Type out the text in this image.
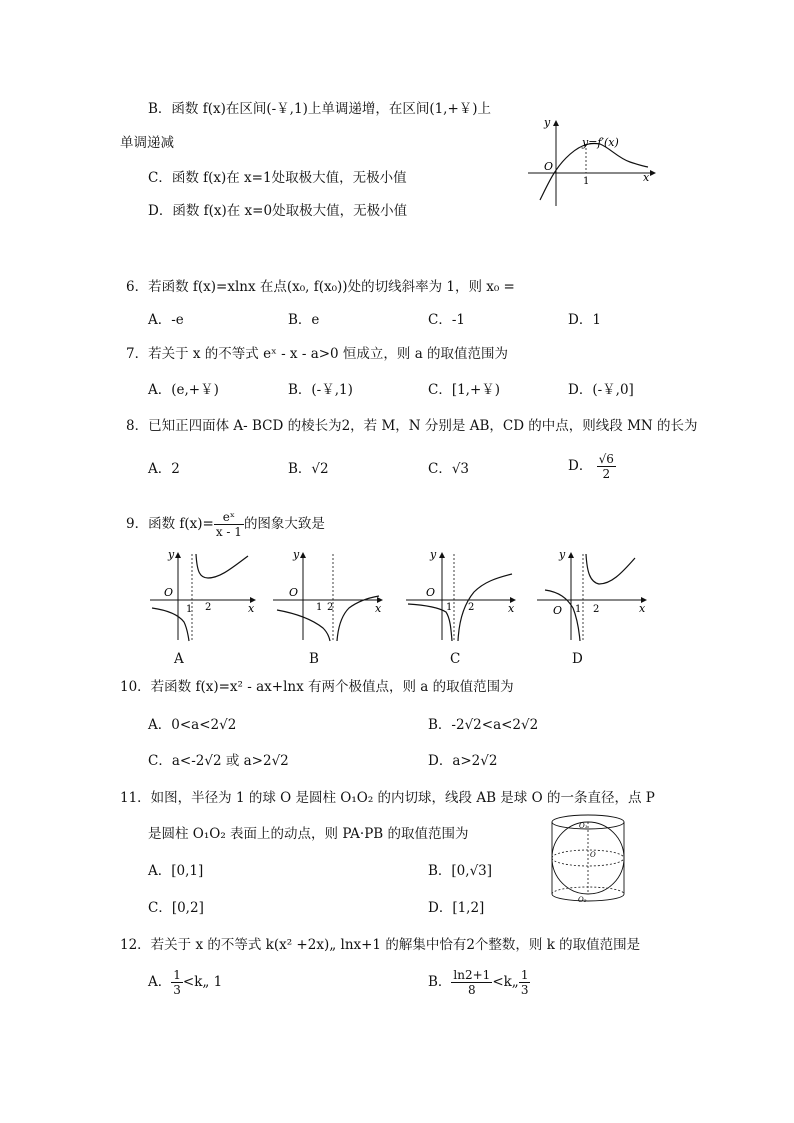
B．函数 f(x)在区间(-￥,1)上单调递增，在区间(1,+￥)上
单调递减
C．函数 f(x)在 x=1处取极大值，无极小值
D．函数 f(x)在 x=0处取极大值，无极小值
y
x
O
1
y=f′(x)
6．若函数 f(x)=xlnx 在点(x₀, f(x₀))处的切线斜率为 1，则 x₀ =
A．-e	B．e	C．-1	D．1
7．若关于 x 的不等式 eˣ - x - a>0 恒成立，则 a 的取值范围为
A．(e,+￥)	B．(-￥,1)	C．[1,+￥)	D．(-￥,0]
8．已知正四面体 A- BCD 的棱长为2，若 M，N 分别是 AB，CD 的中点，则线段 MN 的长为
A．2	B．√2	C．√3	D． $\frac{√6}{2}$
9．函数 $f(x)= \frac{\text{eˣ}}{x - 1}$ 的图象大致是
y
x
O
1 2
A
y
x
O
1 2
B
y
x
O
1 2
C
y
x
O 1 2
D
10．若函数 f(x)=x² - ax+lnx 有两个极值点，则 a 的取值范围为
A．0<a<2√2	B．-2√2<a<2√2
C．a<-2√2 或 a>2√2	D．a>2√2
11．如图，半径为 1 的球 O 是圆柱 O₁O₂ 的内切球，线段 AB 是球 O 的一条直径，点 P
是圆柱 O₁O₂ 表面上的动点，则 PA·PB 的取值范围为
A．[0,1]	B．[0,√3]
C．[0,2]	D．[1,2]
O₁
O
O₂
12．若关于 x 的不等式 k(x² +2x)„ lnx+1 的解集中恰有2个整数，则 k 的取值范围是
A． $\frac{1}{3}$ <k„ 1	B． $\frac{\ln 2+1}{8}$ <k„ $\frac{1}{3}$
